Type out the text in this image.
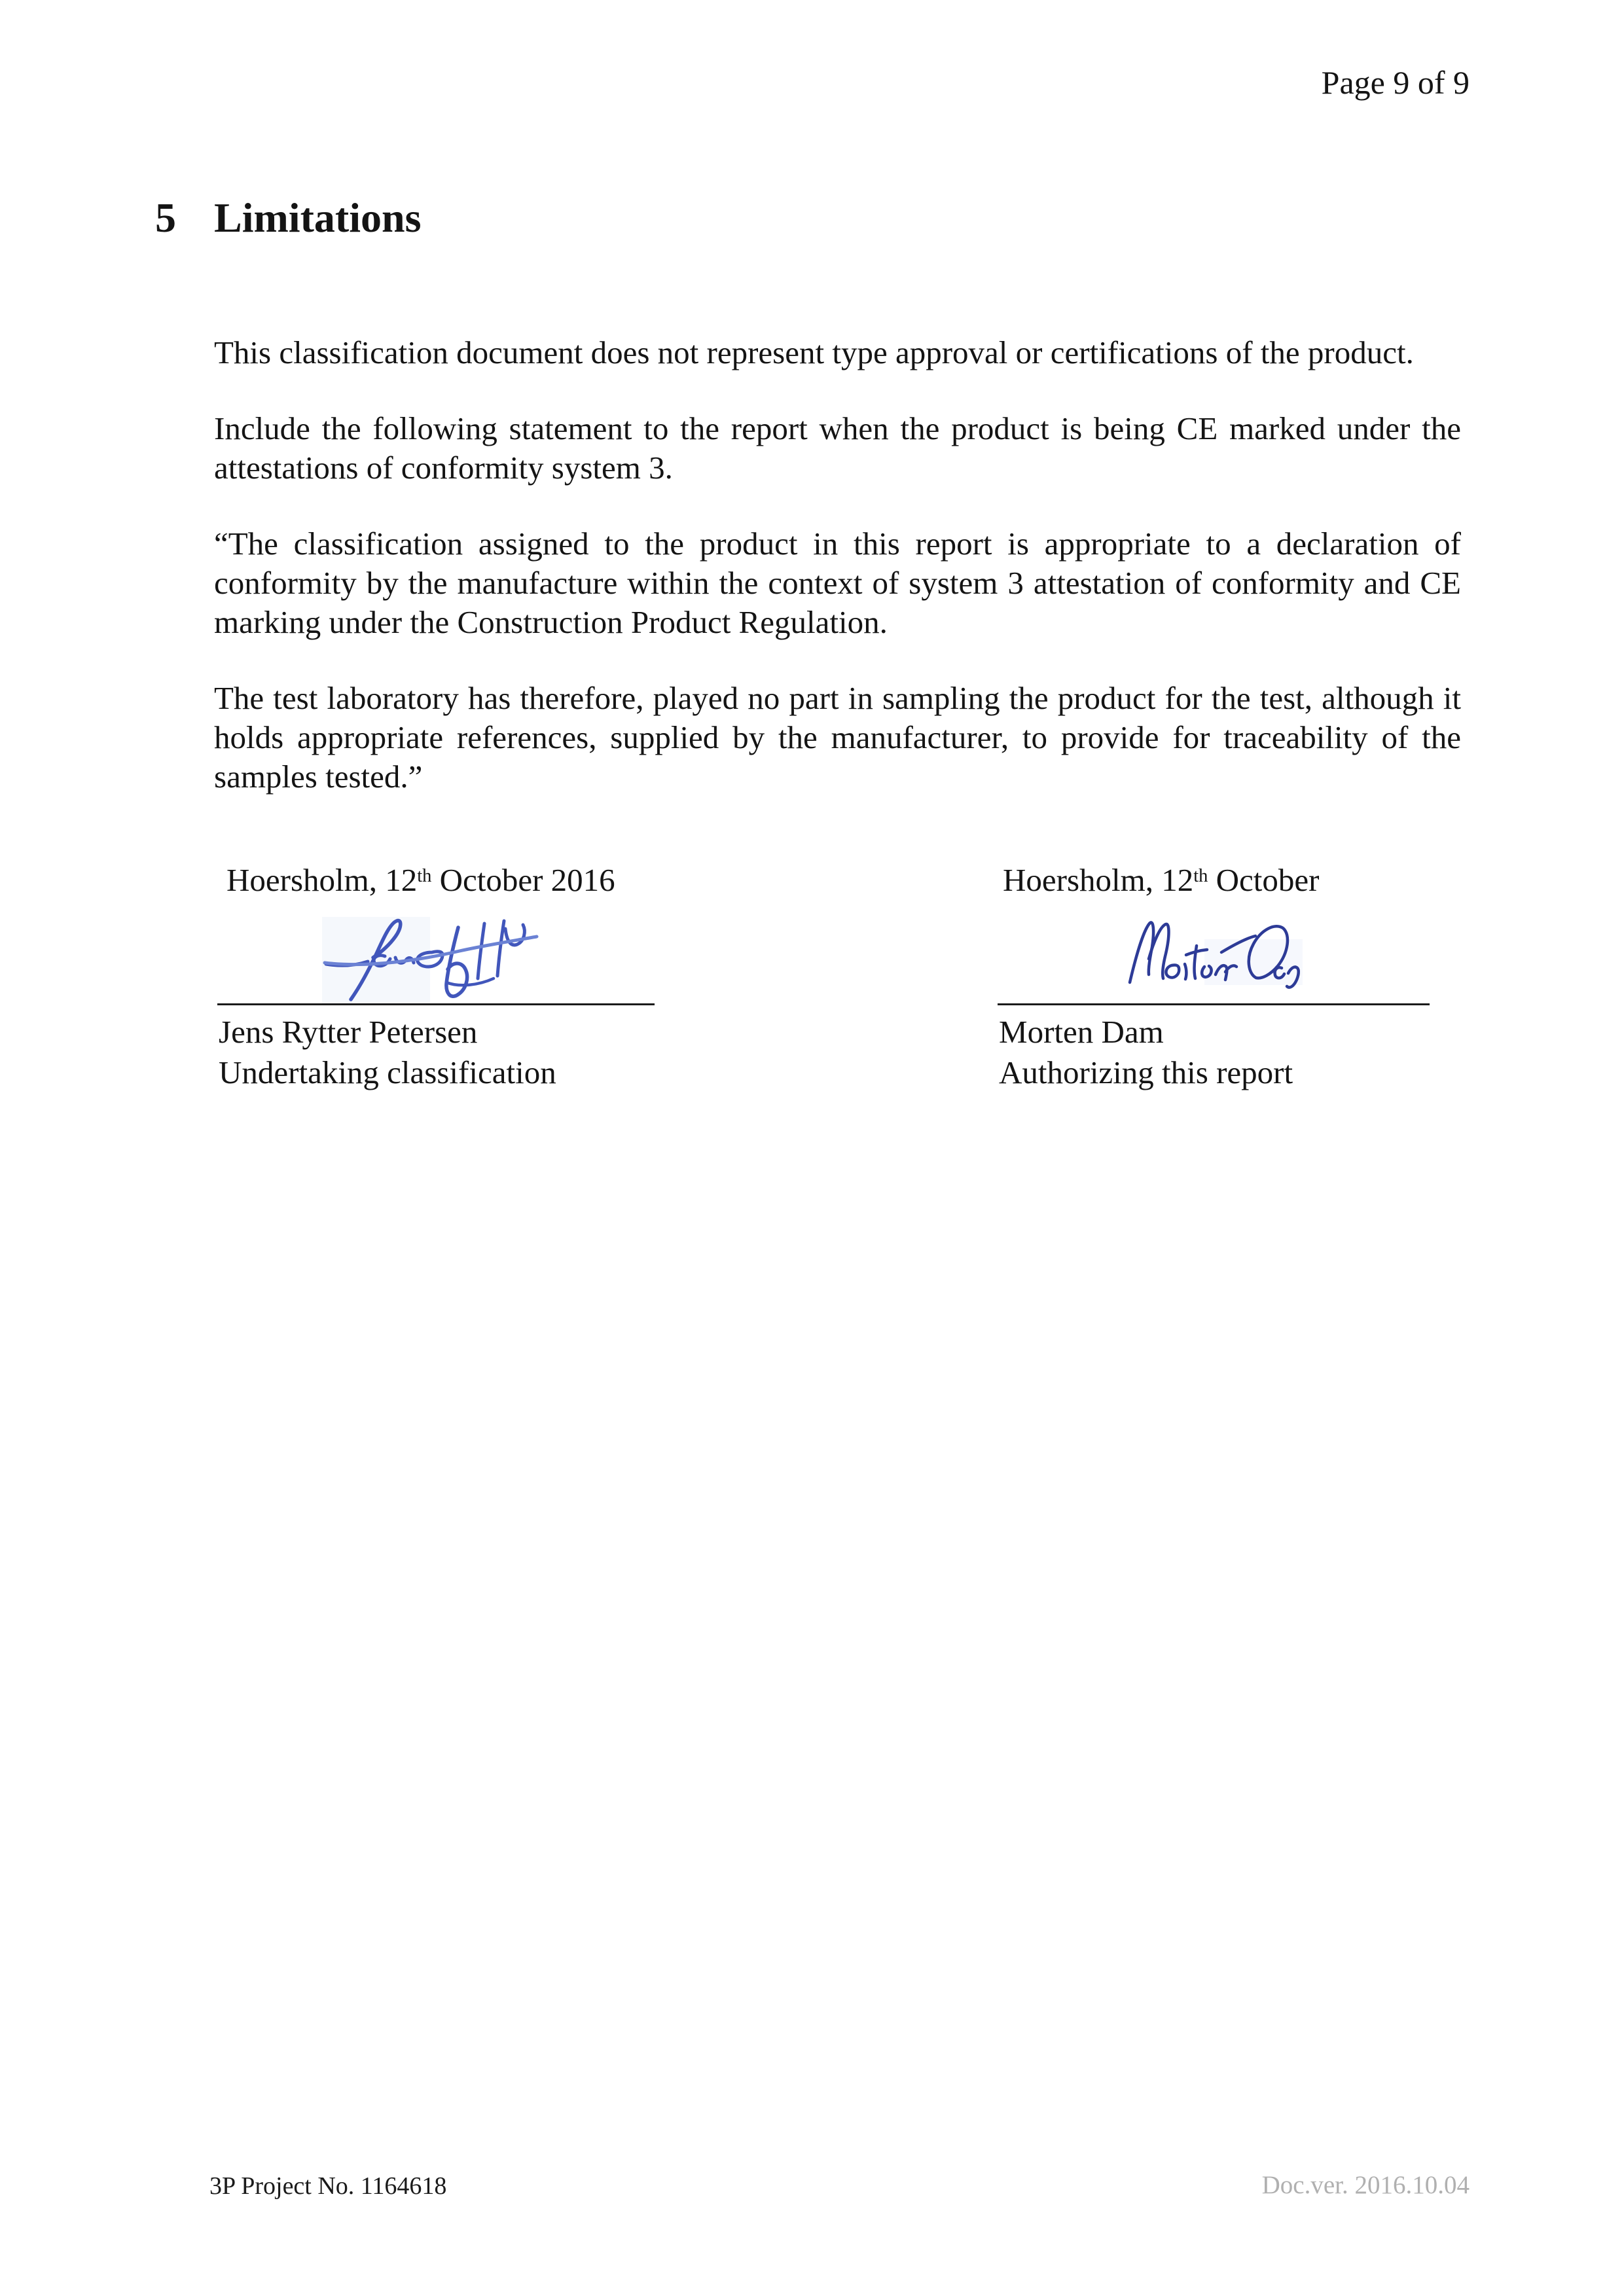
Page 9 of 9
5 Limitations
This classification document does not represent type approval or certifications of the product.
Include the following statement to the report when the product is being CE marked under the
attestations of conformity system 3.
“The classification assigned to the product in this report is appropriate to a declaration of
conformity by the manufacture within the context of system 3 attestation of conformity and CE
marking under the Construction Product Regulation.
The test laboratory has therefore, played no part in sampling the product for the test, although it
holds appropriate references, supplied by the manufacturer, to provide for traceability of the
samples tested.”
Hoersholm, 12th October 2016
Jens Rytter Petersen
Undertaking classification
Hoersholm, 12th October
Morten Dam
Authorizing this report
3P Project No. 1164618	Doc.ver. 2016.10.04
